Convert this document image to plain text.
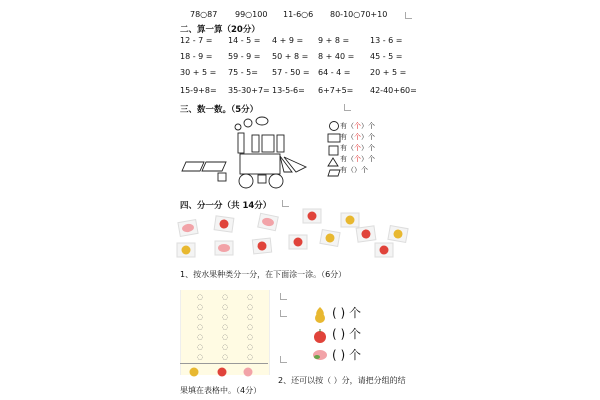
78○87 99○100 11-6○6 80-10○70+10
二、算一算（20分）
12 - 7 = 14 - 5 = 4 + 9 = 9 + 8 =	13 - 6 =
18 - 9 = 59 - 9 = 50 + 8 = 8 + 40 = 45 - 5 =
30 + 5 = 75 - 5= 57 - 50 = 64 - 4 = 20 + 5 =
15-9+8= 35-30+7= 13-5-6= 6+7+5= 42-40+60=
三、数一数。（5分）
有（个）个
有（个）个
有（个）个
有（个）个
有（）个
四、分一分（共 14分）
1、按水果种类分一分，在下面涂一涂。（6分）
◌
◌
◌
◌
◌
◌
◌
◌
◌
◌
◌
◌
◌
◌
◌
◌
◌
◌
◌
◌
◌
( ) 个
( ) 个
( ) 个
2、还可以按（ ）分，请把分组的结
果填在表格中。（4分）
